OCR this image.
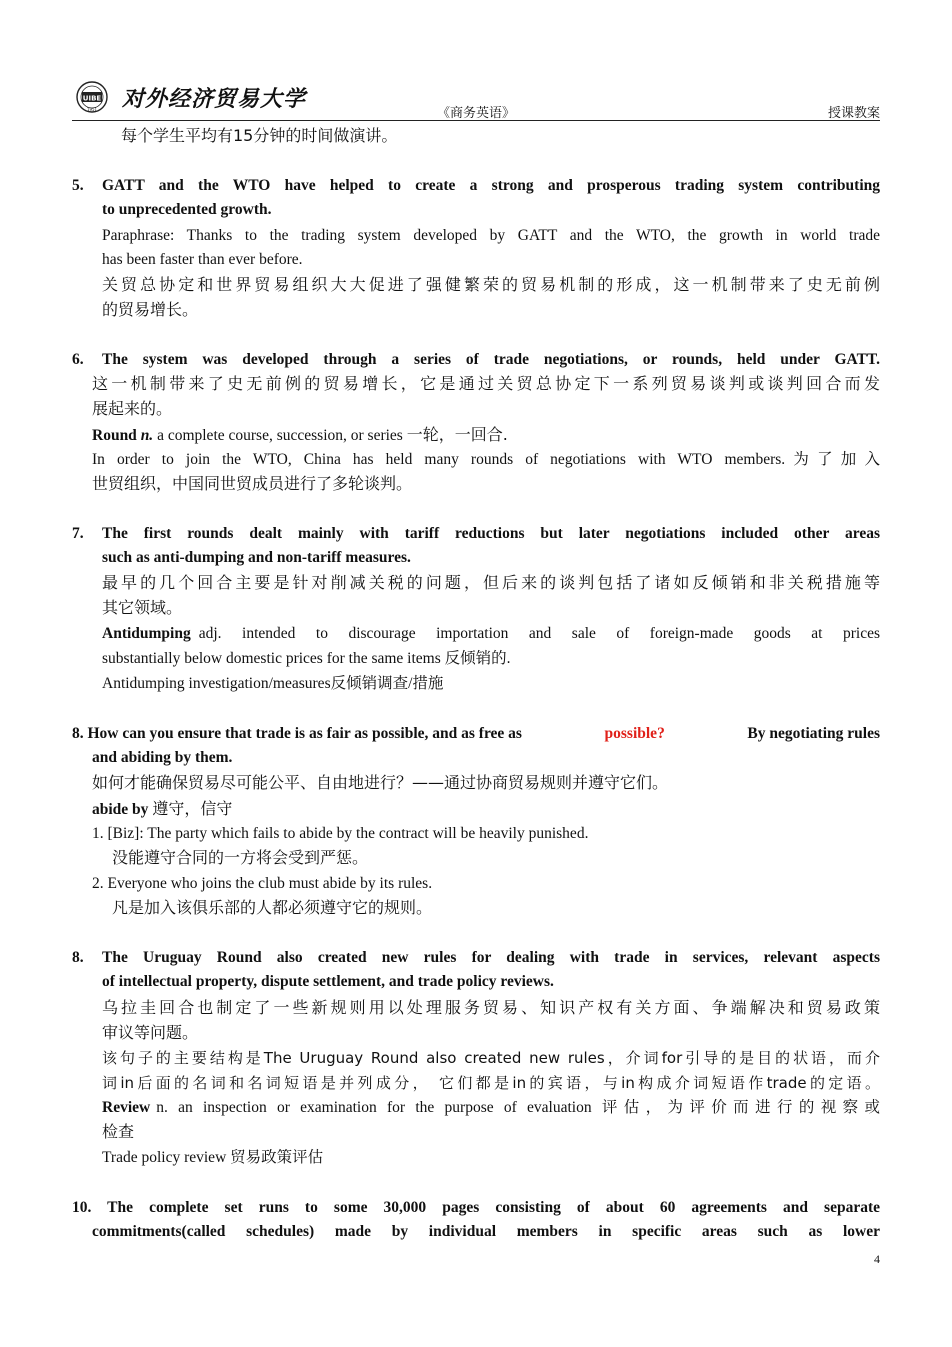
UIBE
1951 对外经济贸易大学
《商务英语》	授课教案
每个学生平均有15分钟的时间做演讲。
5. GATT and the WTO have helped to create a strong and prosperous trading system contributing
to unprecedented growth.
Paraphrase: Thanks to the trading system developed by GATT and the WTO, the growth in world trade
has been faster than ever before.
关贸总协定和世界贸易组织大大促进了强健繁荣的贸易机制的形成，这一机制带来了史无前例
的贸易增长。
6. The system was developed through a series of trade negotiations, or rounds, held under GATT.
这一机制带来了史无前例的贸易增长，它是通过关贸总协定下一系列贸易谈判或谈判回合而发
展起来的。
Round n. a complete course, succession, or series 一轮，一回合.
In order to join the WTO, China has held many rounds of negotiations with WTO members.为了加入
世贸组织，中国同世贸成员进行了多轮谈判。
7. The first rounds dealt mainly with tariff reductions but later negotiations included other areas
such as anti-dumping and non-tariff measures.
最早的几个回合主要是针对削减关税的问题，但后来的谈判包括了诸如反倾销和非关税措施等
其它领域。
Antidumping adj. intended to discourage importation and sale of foreign-made goods at prices
substantially below domestic prices for the same items 反倾销的.
Antidumping investigation/measures反倾销调查/措施
8. How can you ensure that trade is as fair as possible, and as free as	possible?	By negotiating rules
and abiding by them.
如何才能确保贸易尽可能公平、自由地进行？——通过协商贸易规则并遵守它们。
abide by 遵守，信守
1. [Biz]: The party which fails to abide by the contract will be heavily punished.
没能遵守合同的一方将会受到严惩。
2. Everyone who joins the club must abide by its rules.
凡是加入该俱乐部的人都必须遵守它的规则。
8. The Uruguay Round also created new rules for dealing with trade in services, relevant aspects
of intellectual property, dispute settlement, and trade policy reviews.
乌拉圭回合也制定了一些新规则用以处理服务贸易、知识产权有关方面、争端解决和贸易政策
审议等问题。
该句子的主要结构是The Uruguay Round also created new rules，介词for引导的是目的状语，而介
词in后面的名词和名词短语是并列成分， 它们都是in的宾语，与in构成介词短语作trade的定语。
Review n. an inspection or examination for the purpose of evaluation 评估，为评价而进行的视察或
检查
Trade policy review 贸易政策评估
10. The complete set runs to some 30,000 pages consisting of about 60 agreements and separate
commitments(called schedules) made by individual members in specific areas such as lower
4
